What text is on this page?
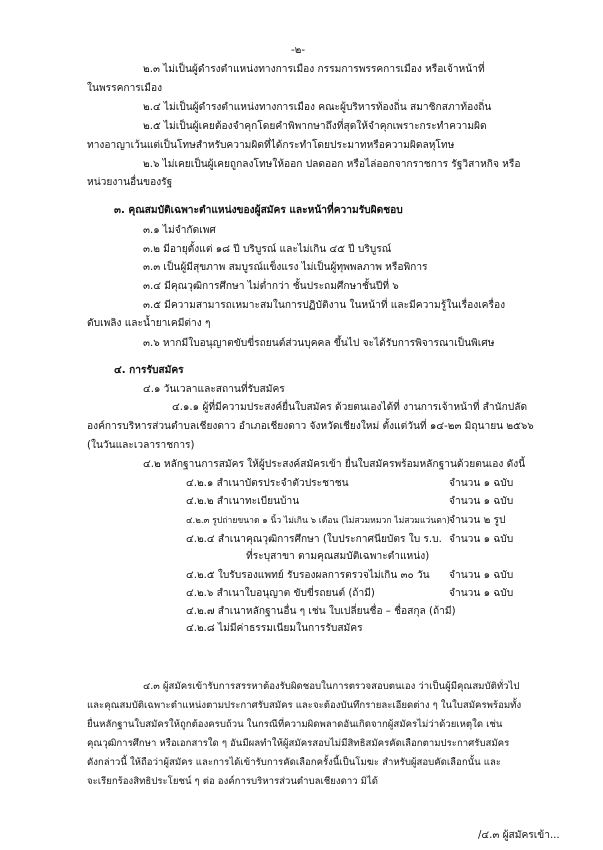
-๒-
๒.๓ ไม่เป็นผู้ดำรงตำแหน่งทางการเมือง กรรมการพรรคการเมือง หรือเจ้าหน้าที่
ในพรรคการเมือง
๒.๔ ไม่เป็นผู้ดำรงตำแหน่งทางการเมือง คณะผู้บริหารท้องถิ่น สมาชิกสภาท้องถิ่น
๒.๕ ไม่เป็นผู้เคยต้องจำคุกโดยคำพิพากษาถึงที่สุดให้จำคุกเพราะกระทำความผิด
ทางอาญาเว้นแต่เป็นโทษสำหรับความผิดที่ได้กระทำโดยประมาทหรือความผิดลหุโทษ
๒.๖ ไม่เคยเป็นผู้เคยถูกลงโทษให้ออก ปลดออก หรือไล่ออกจากราชการ รัฐวิสาหกิจ หรือ
หน่วยงานอื่นของรัฐ
๓. คุณสมบัติเฉพาะตำแหน่งของผู้สมัคร และหน้าที่ความรับผิดชอบ
๓.๑ ไม่จำกัดเพศ
๓.๒ มีอายุตั้งแต่ ๑๘ ปี บริบูรณ์ และไม่เกิน ๔๕ ปี บริบูรณ์
๓.๓ เป็นผู้มีสุขภาพ สมบูรณ์แข็งแรง ไม่เป็นผู้ทุพพลภาพ หรือพิการ
๓.๔ มีคุณวุฒิการศึกษา ไม่ต่ำกว่า ชั้นประถมศึกษาชั้นปีที่ ๖
๓.๕ มีความสามารถเหมาะสมในการปฏิบัติงาน ในหน้าที่ และมีความรู้ในเรื่องเครื่อง
ดับเพลิง และน้ำยาเคมีต่าง ๆ
๓.๖ หากมีใบอนุญาตขับขี่รถยนต์ส่วนบุคคล ขึ้นไป จะได้รับการพิจารณาเป็นพิเศษ
๔. การรับสมัคร
๔.๑ วันเวลาและสถานที่รับสมัคร
๔.๑.๑ ผู้ที่มีความประสงค์ยื่นใบสมัคร ด้วยตนเองได้ที่ งานการเจ้าหน้าที่ สำนักปลัด
องค์การบริหารส่วนตำบลเชียงดาว อำเภอเชียงดาว จังหวัดเชียงใหม่ ตั้งแต่วันที่ ๑๔-๒๓ มิถุนายน ๒๕๖๖
(ในวันและเวลาราชการ)
๔.๒ หลักฐานการสมัคร ให้ผู้ประสงค์สมัครเข้า ยื่นใบสมัครพร้อมหลักฐานด้วยตนเอง ดังนี้
๔.๒.๑ สำเนาบัตรประจำตัวประชาชน	จำนวน ๑ ฉบับ
๔.๒.๒ สำเนาทะเบียนบ้าน	จำนวน ๑ ฉบับ
๔.๒.๓ รูปถ่ายขนาด ๑ นิ้ว ไม่เกิน ๖ เดือน (ไม่สวมหมวก ไม่สวมแว่นตา) จำนวน ๒ รูป
๔.๒.๔ สำเนาคุณวุฒิการศึกษา (ใบประกาศนียบัตร ใบ ร.บ. จำนวน ๑ ฉบับ
ที่ระบุสาขา ตามคุณสมบัติเฉพาะตำแหน่ง)
๔.๒.๕ ใบรับรองแพทย์ รับรองผลการตรวจไม่เกิน ๓๐ วัน จำนวน ๑ ฉบับ
๔.๒.๖ สำเนาใบอนุญาต ขับขี่รถยนต์ (ถ้ามี)	จำนวน ๑ ฉบับ
๔.๒.๗ สำเนาหลักฐานอื่น ๆ เช่น ใบเปลี่ยนชื่อ – ชื่อสกุล (ถ้ามี)
๔.๒.๘ ไม่มีค่าธรรมเนียมในการรับสมัคร
/๔.๓ ผู้สมัครเข้า...
๔.๓ ผู้สมัครเข้ารับการสรรหาต้องรับผิดชอบในการตรวจสอบตนเอง ว่าเป็นผู้มีคุณสมบัติทั่วไป
และคุณสมบัติเฉพาะตำแหน่งตามประกาศรับสมัคร และจะต้องบันทึกรายละเอียดต่าง ๆ ในใบสมัครพร้อมทั้ง
ยื่นหลักฐานใบสมัครให้ถูกต้องครบถ้วน ในกรณีที่ความผิดพลาดอันเกิดจากผู้สมัครไม่ว่าด้วยเหตุใด เช่น
คุณวุฒิการศึกษา หรือเอกสารใด ๆ อันมีผลทำให้ผู้สมัครสอบไม่มีสิทธิสมัครคัดเลือกตามประกาศรับสมัคร
ดังกล่าวนี้ ให้ถือว่าผู้สมัคร และการได้เข้ารับการคัดเลือกครั้งนี้เป็นโมฆะ สำหรับผู้สอบคัดเลือกนั้น และ
จะเรียกร้องสิทธิประโยชน์ ๆ ต่อ องค์การบริหารส่วนตำบลเชียงดาว มิได้
